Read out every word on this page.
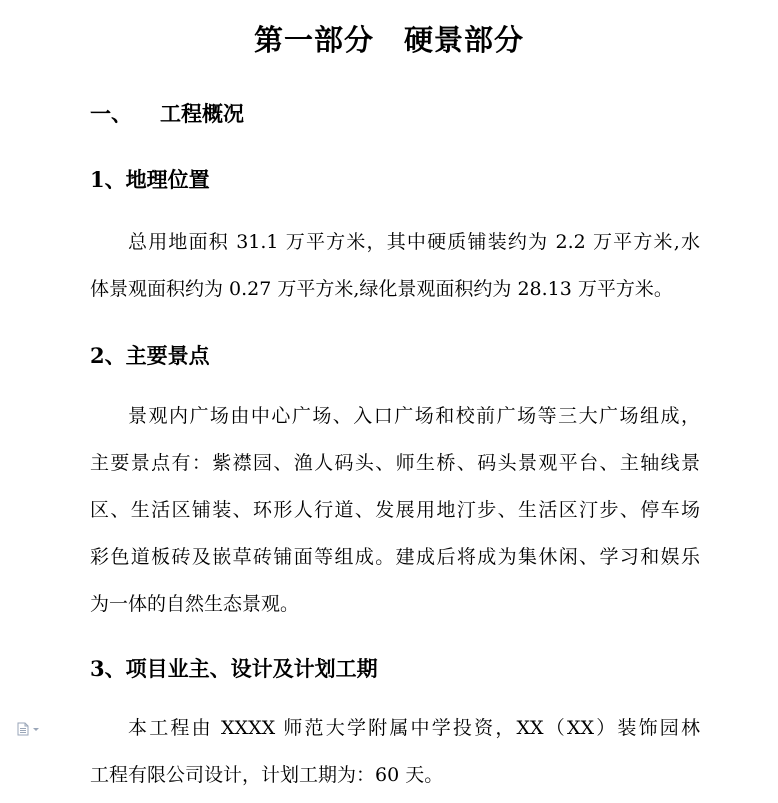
第一部分　硬景部分
一、 工程概况
1、地理位置
总用地面积 31.1 万平方米，其中硬质铺装约为 2.2 万平方米,水
体景观面积约为 0.27 万平方米,绿化景观面积约为 28.13 万平方米。
2、主要景点
景观内广场由中心广场、入口广场和校前广场等三大广场组成，
主要景点有：紫襟园、渔人码头、师生桥、码头景观平台、主轴线景
区、生活区铺装、环形人行道、发展用地汀步、生活区汀步、停车场
彩色道板砖及嵌草砖铺面等组成。建成后将成为集休闲、学习和娱乐
为一体的自然生态景观。
3、项目业主、设计及计划工期
本工程由 XXXX 师范大学附属中学投资，XX（XX）装饰园林
工程有限公司设计，计划工期为：60 天。
